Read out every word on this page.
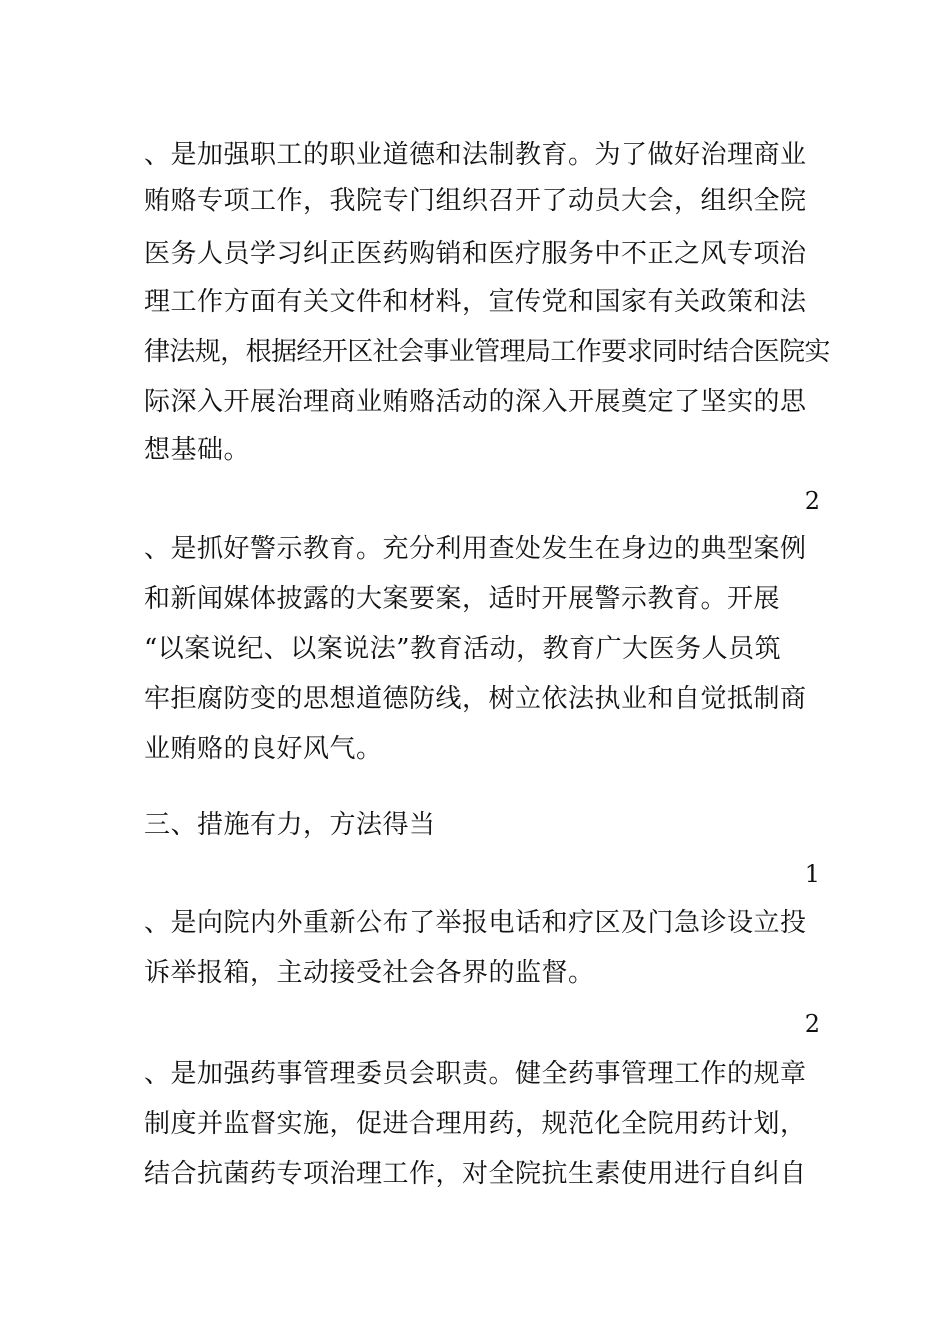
、是加强职工的职业道德和法制教育。为了做好治理商业
贿赂专项工作，我院专门组织召开了动员大会，组织全院
医务人员学习纠正医药购销和医疗服务中不正之风专项治
理工作方面有关文件和材料，宣传党和国家有关政策和法
律法规，根据经开区社会事业管理局工作要求同时结合医院实
际深入开展治理商业贿赂活动的深入开展奠定了坚实的思
想基础。
2
、是抓好警示教育。充分利用查处发生在身边的典型案例
和新闻媒体披露的大案要案，适时开展警示教育。开展
“以案说纪、以案说法”教育活动，教育广大医务人员筑
牢拒腐防变的思想道德防线，树立依法执业和自觉抵制商
业贿赂的良好风气。
三、措施有力，方法得当
1
、是向院内外重新公布了举报电话和疗区及门急诊设立投
诉举报箱，主动接受社会各界的监督。
2
、是加强药事管理委员会职责。健全药事管理工作的规章
制度并监督实施，促进合理用药，规范化全院用药计划，
结合抗菌药专项治理工作，对全院抗生素使用进行自纠自
